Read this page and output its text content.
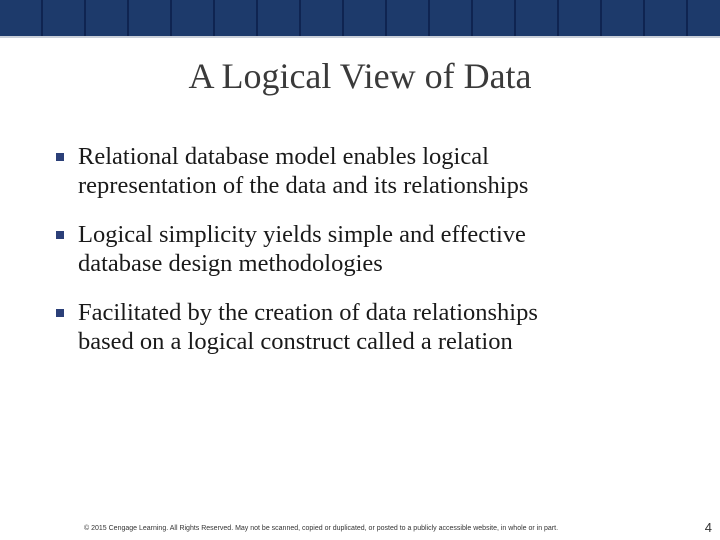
A Logical View of Data
Relational database model enables logical
representation of the data and its relationships
Logical simplicity yields simple and effective
database design methodologies
Facilitated by the creation of data relationships
based on a logical construct called a relation
© 2015 Cengage Learning. All Rights Reserved. May not be scanned, copied or duplicated, or posted to a publicly accessible website, in whole or in part.	4
